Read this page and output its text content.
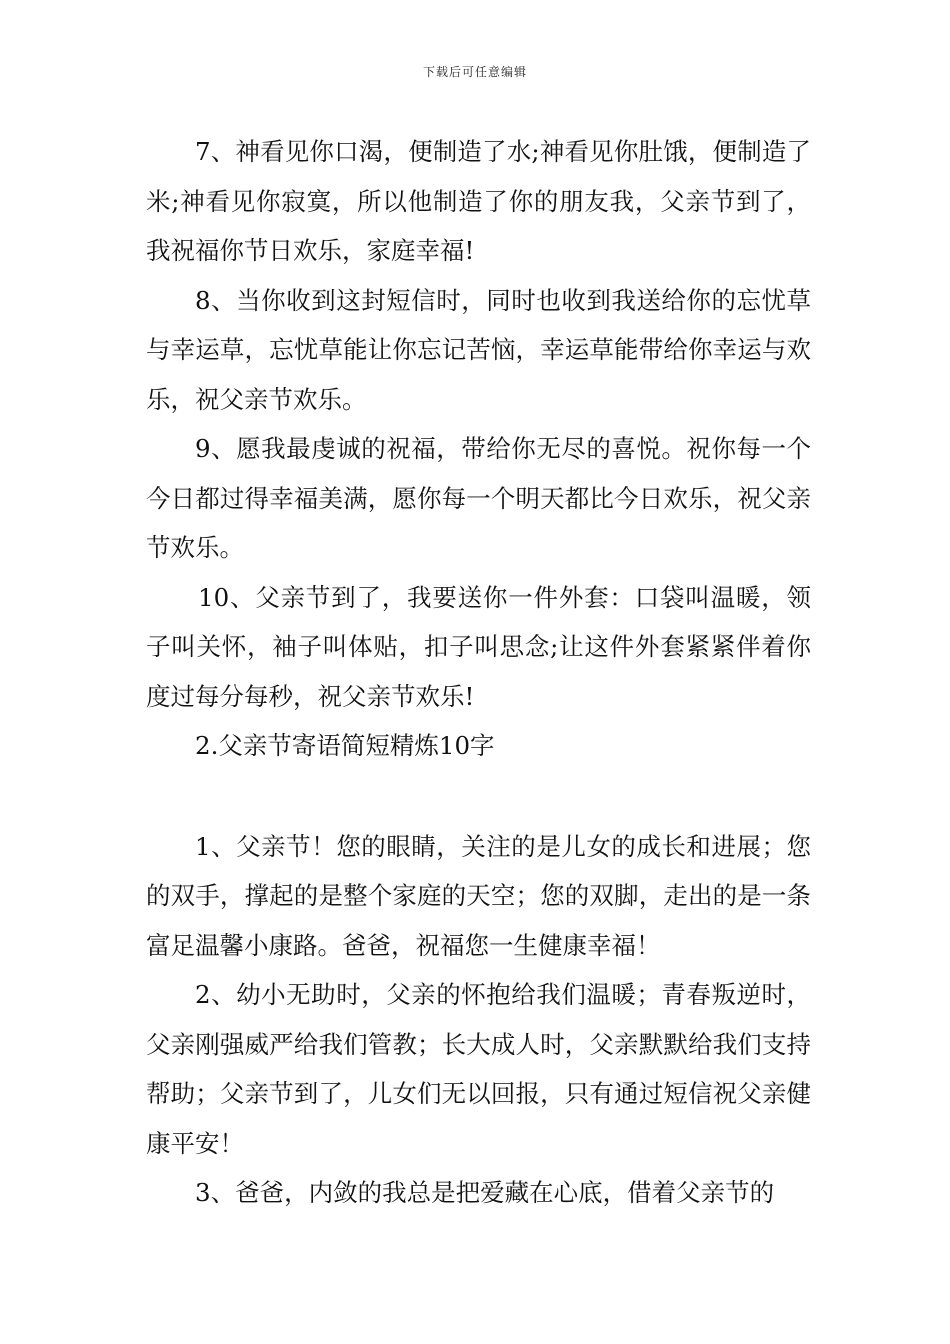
下载后可任意编辑

7、神看见你口渴，便制造了水;神看见你肚饿，便制造了米;神看见你寂寞，所以他制造了你的朋友我，父亲节到了，我祝福你节日欢乐，家庭幸福!

8、当你收到这封短信时，同时也收到我送给你的忘忧草与幸运草，忘忧草能让你忘记苦恼，幸运草能带给你幸运与欢乐，祝父亲节欢乐。

9、愿我最虔诚的祝福，带给你无尽的喜悦。祝你每一个今日都过得幸福美满，愿你每一个明天都比今日欢乐，祝父亲节欢乐。

10、父亲节到了，我要送你一件外套：口袋叫温暖，领子叫关怀，袖子叫体贴，扣子叫思念;让这件外套紧紧伴着你度过每分每秒，祝父亲节欢乐!

2.父亲节寄语简短精炼10字

1、父亲节！您的眼睛，关注的是儿女的成长和进展；您的双手，撑起的是整个家庭的天空；您的双脚，走出的是一条富足温馨小康路。爸爸，祝福您一生健康幸福！

2、幼小无助时，父亲的怀抱给我们温暖；青春叛逆时，父亲刚强威严给我们管教；长大成人时，父亲默默给我们支持帮助；父亲节到了，儿女们无以回报，只有通过短信祝父亲健康平安！

3、爸爸，内敛的我总是把爱藏在心底，借着父亲节的
